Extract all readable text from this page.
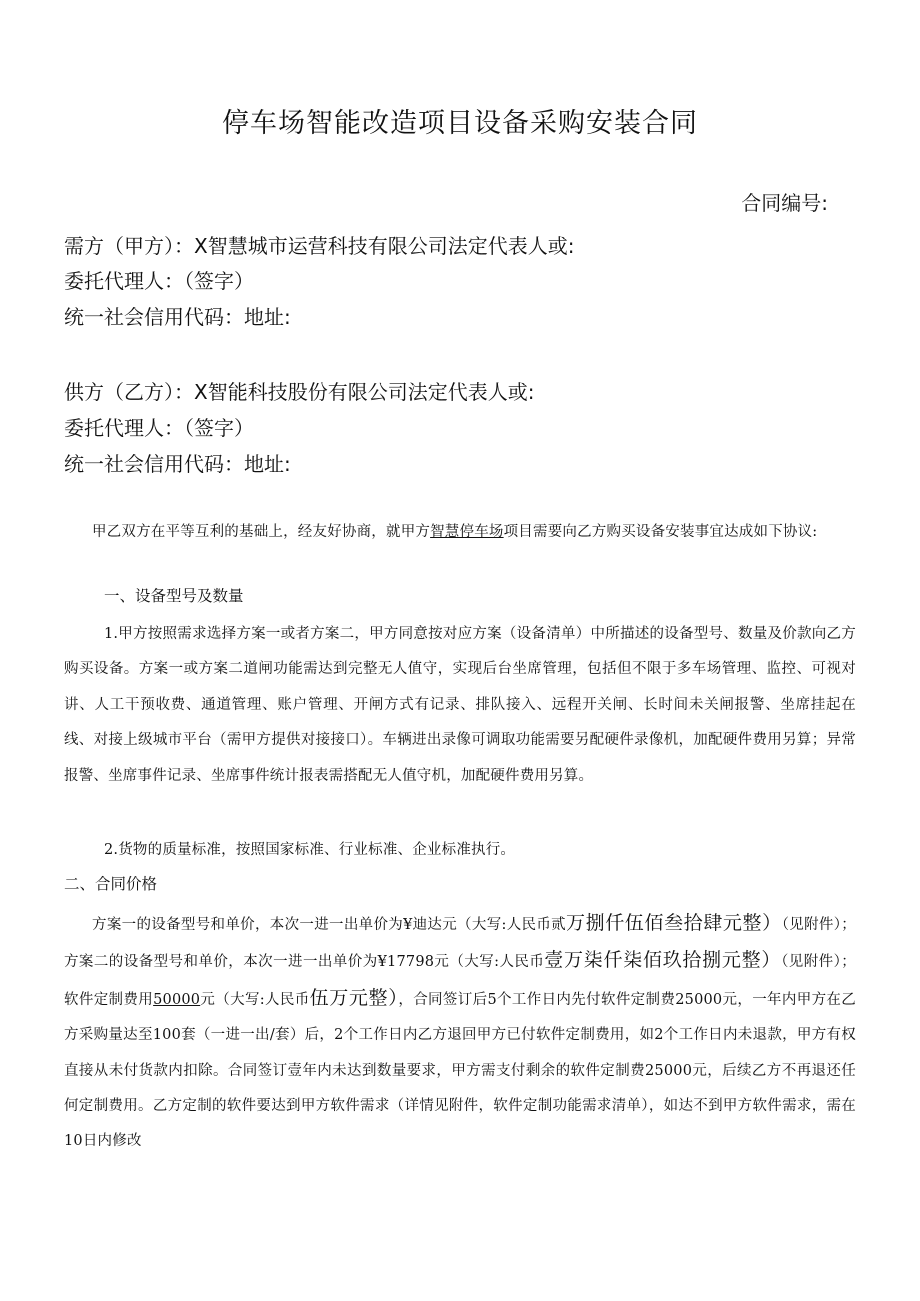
停车场智能改造项目设备采购安装合同
合同编号:
需方（甲方）：X智慧城市运营科技有限公司法定代表人或:
委托代理人：（签字）
统一社会信用代码：地址:
供方（乙方）：X智能科技股份有限公司法定代表人或:
委托代理人：（签字）
统一社会信用代码：地址:
甲乙双方在平等互利的基础上，经友好协商，就甲方智慧停车场项目需要向乙方购买设备安装事宜达成如下协议:
一、设备型号及数量
1.甲方按照需求选择方案一或者方案二，甲方同意按对应方案（设备清单）中所描述的设备型号、数量及价款向乙方购买设备。方案一或方案二道闸功能需达到完整无人值守，实现后台坐席管理，包括但不限于多车场管理、监控、可视对讲、人工干预收费、通道管理、账户管理、开闸方式有记录、排队接入、远程开关闸、长时间未关闸报警、坐席挂起在线、对接上级城市平台（需甲方提供对接接口）。车辆进出录像可调取功能需要另配硬件录像机，加配硬件费用另算；异常报警、坐席事件记录、坐席事件统计报表需搭配无人值守机，加配硬件费用另算。
2.货物的质量标准，按照国家标准、行业标准、企业标准执行。
二、合同价格
方案一的设备型号和单价，本次一进一出单价为¥迪达元（大写:人民币贰万捌仟伍佰叁拾肆元整）（见附件）；方案二的设备型号和单价，本次一进一出单价为¥17798元（大写:人民币壹万柒仟柒佰玖拾捌元整）（见附件）；软件定制费用50000元（大写:人民币伍万元整），合同签订后5个工作日内先付软件定制费25000元，一年内甲方在乙方采购量达至100套（一进一出/套）后，2个工作日内乙方退回甲方已付软件定制费用，如2个工作日内未退款，甲方有权直接从未付货款内扣除。合同签订壹年内未达到数量要求，甲方需支付剩余的软件定制费25000元，后续乙方不再退还任何定制费用。乙方定制的软件要达到甲方软件需求（详情见附件，软件定制功能需求清单），如达不到甲方软件需求，需在10日内修改
